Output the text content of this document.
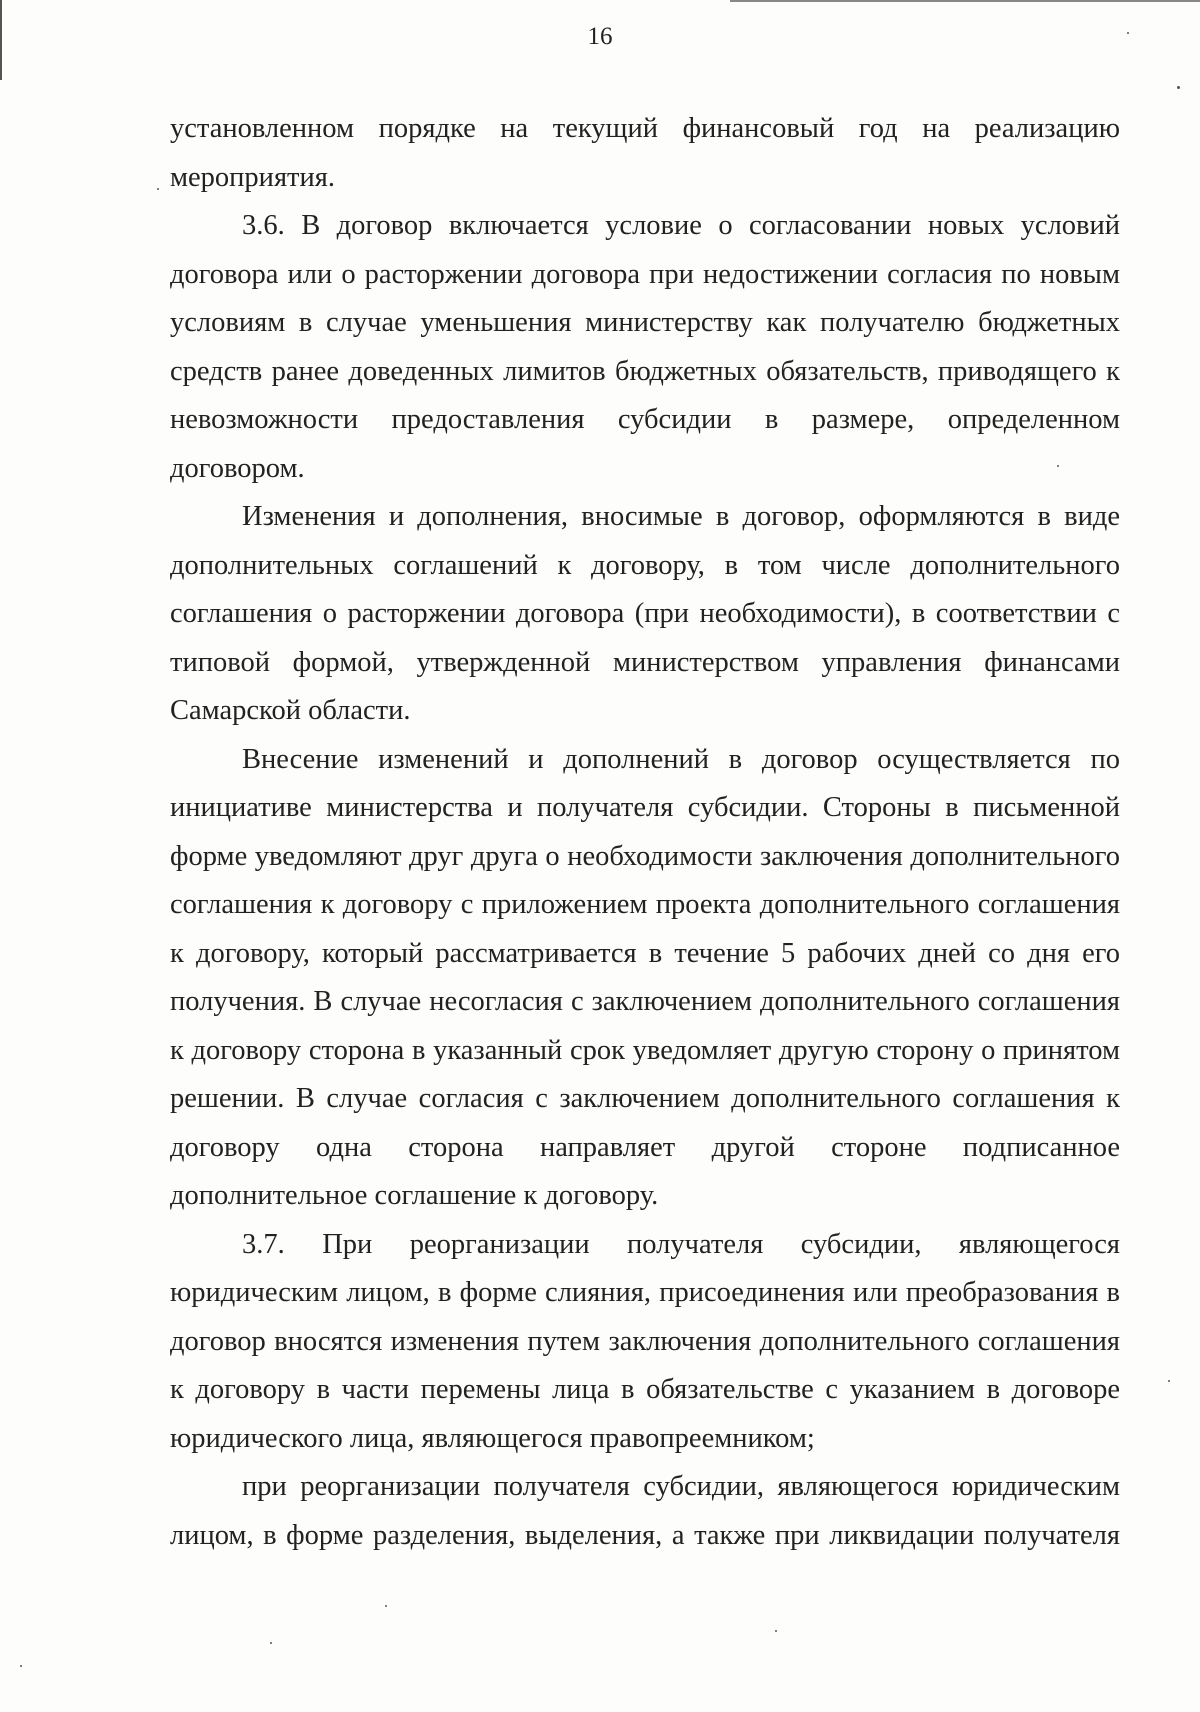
16

установленном порядке на текущий финансовый год на реализацию мероприятия.

3.6. В договор включается условие о согласовании новых условий договора или о расторжении договора при недостижении согласия по новым условиям в случае уменьшения министерству как получателю бюджетных средств ранее доведенных лимитов бюджетных обязательств, приводящего к невозможности предоставления субсидии в размере, определенном договором.

Изменения и дополнения, вносимые в договор, оформляются в виде дополнительных соглашений к договору, в том числе дополнительного соглашения о расторжении договора (при необходимости), в соответствии с типовой формой, утвержденной министерством управления финансами Самарской области.

Внесение изменений и дополнений в договор осуществляется по инициативе министерства и получателя субсидии. Стороны в письменной форме уведомляют друг друга о необходимости заключения дополнительного соглашения к договору с приложением проекта дополнительного соглашения к договору, который рассматривается в течение 5 рабочих дней со дня его получения. В случае несогласия с заключением дополнительного соглашения к договору сторона в указанный срок уведомляет другую сторону о принятом решении. В случае согласия с заключением дополнительного соглашения к договору одна сторона направляет другой стороне подписанное дополнительное соглашение к договору.

3.7. При реорганизации получателя субсидии, являющегося юридическим лицом, в форме слияния, присоединения или преобразования в договор вносятся изменения путем заключения дополнительного соглашения к договору в части перемены лица в обязательстве с указанием в договоре юридического лица, являющегося правопреемником;

при реорганизации получателя субсидии, являющегося юридическим лицом, в форме разделения, выделения, а также при ликвидации получателя
